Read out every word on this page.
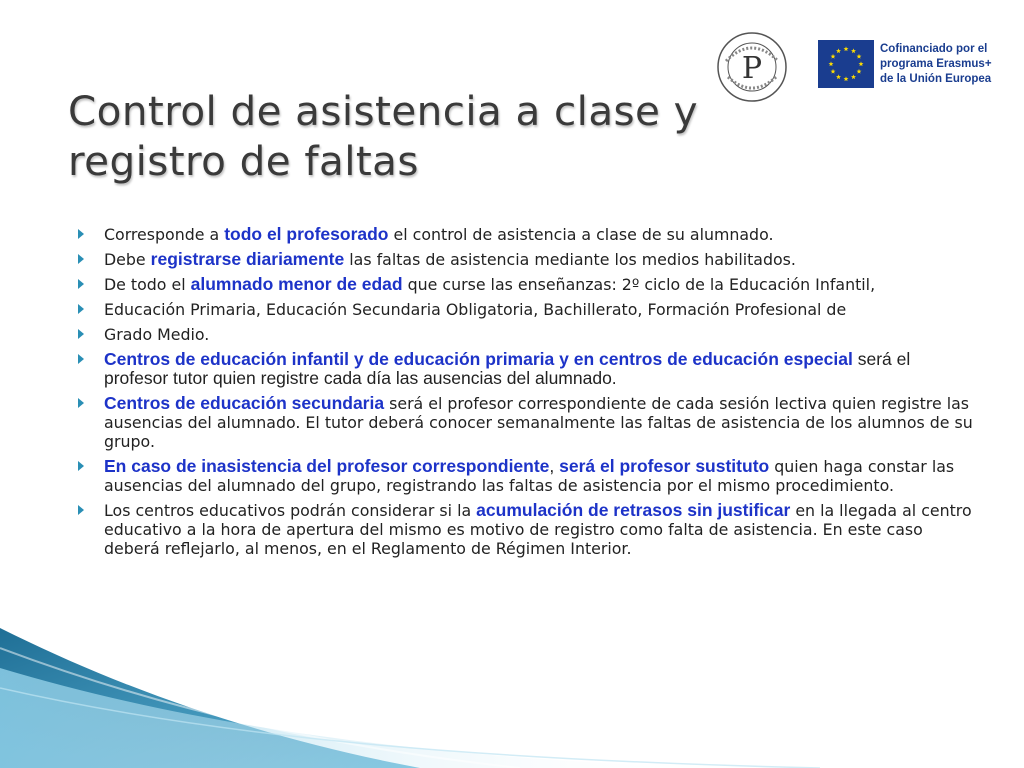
P
Cofinanciado por el
programa Erasmus+
de la Unión Europea
Control de asistencia a clase y
registro de faltas
Corresponde a todo el profesorado el control de asistencia a clase de su alumnado.
Debe registrarse diariamente las faltas de asistencia mediante los medios habilitados.
De todo el alumnado menor de edad que curse las enseñanzas: 2º ciclo de la Educación Infantil,
Educación Primaria, Educación Secundaria Obligatoria, Bachillerato, Formación Profesional de
Grado Medio.
Centros de educación infantil y de educación primaria y en centros de educación especial será el profesor tutor quien registre cada día las ausencias del alumnado.
Centros de educación secundaria será el profesor correspondiente de cada sesión lectiva quien registre las ausencias del alumnado. El tutor deberá conocer semanalmente las faltas de asistencia de los alumnos de su grupo.
En caso de inasistencia del profesor correspondiente, será el profesor sustituto quien haga constar las ausencias del alumnado del grupo, registrando las faltas de asistencia por el mismo procedimiento.
Los centros educativos podrán considerar si la acumulación de retrasos sin justificar en la llegada al centro educativo a la hora de apertura del mismo es motivo de registro como falta de asistencia. En este caso deberá reflejarlo, al menos, en el Reglamento de Régimen Interior.
